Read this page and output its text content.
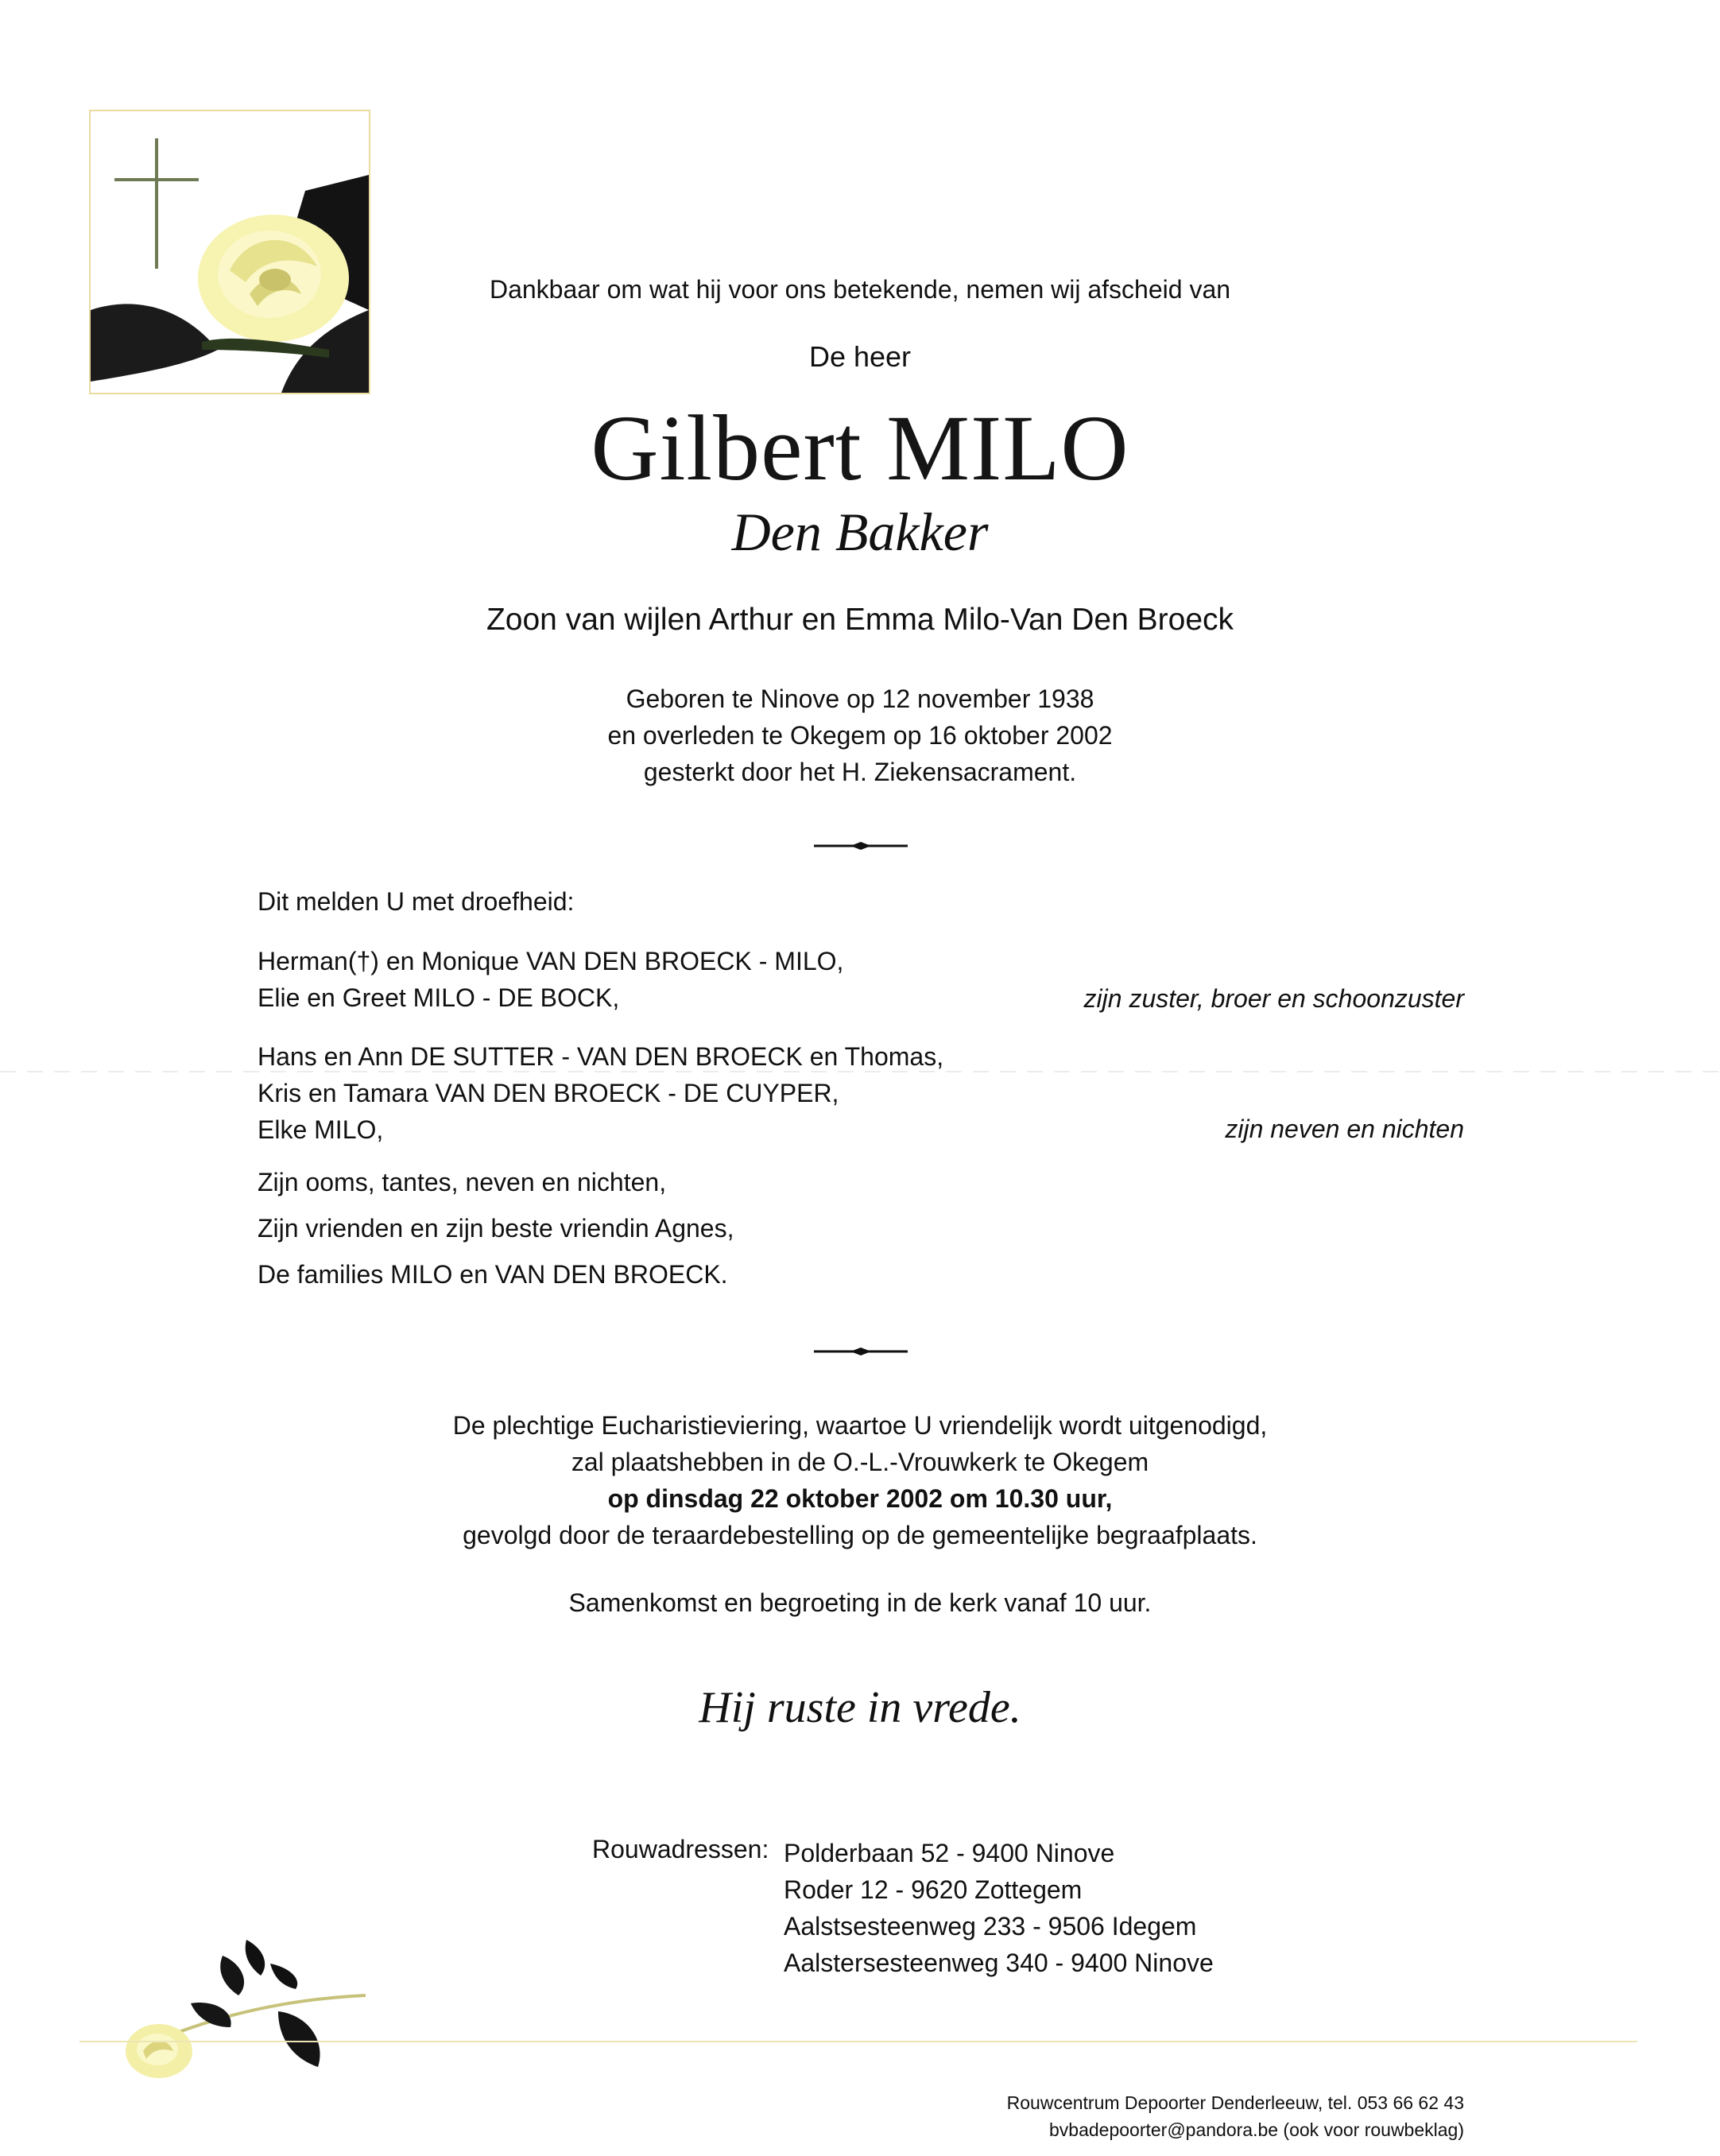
Dankbaar om wat hij voor ons betekende, nemen wij afscheid van
De heer
Gilbert MILO
Den Bakker
Zoon van wijlen Arthur en Emma Milo-Van Den Broeck
Geboren te Ninove op 12 november 1938
en overleden te Okegem op 16 oktober 2002
gesterkt door het H. Ziekensacrament.
Dit melden U met droefheid:
Herman(†) en Monique VAN DEN BROECK - MILO,
Elie en Greet MILO - DE BOCK,	zijn zuster, broer en schoonzuster
Hans en Ann DE SUTTER - VAN DEN BROECK en Thomas,
Kris en Tamara VAN DEN BROECK - DE CUYPER,
Elke MILO,	zijn neven en nichten
Zijn ooms, tantes, neven en nichten,
Zijn vrienden en zijn beste vriendin Agnes,
De families MILO en VAN DEN BROECK.
De plechtige Eucharistieviering, waartoe U vriendelijk wordt uitgenodigd,
zal plaatshebben in de O.-L.-Vrouwkerk te Okegem
op dinsdag 22 oktober 2002 om 10.30 uur,
gevolgd door de teraardebestelling op de gemeentelijke begraafplaats.
Samenkomst en begroeting in de kerk vanaf 10 uur.
Hij ruste in vrede.
Rouwadressen: Polderbaan 52 - 9400 Ninove
Roder 12 - 9620 Zottegem
Aalstsesteenweg 233 - 9506 Idegem
Aalstersesteenweg 340 - 9400 Ninove
Rouwcentrum Depoorter Denderleeuw, tel. 053 66 62 43
bvbadepoorter@pandora.be (ook voor rouwbeklag)
